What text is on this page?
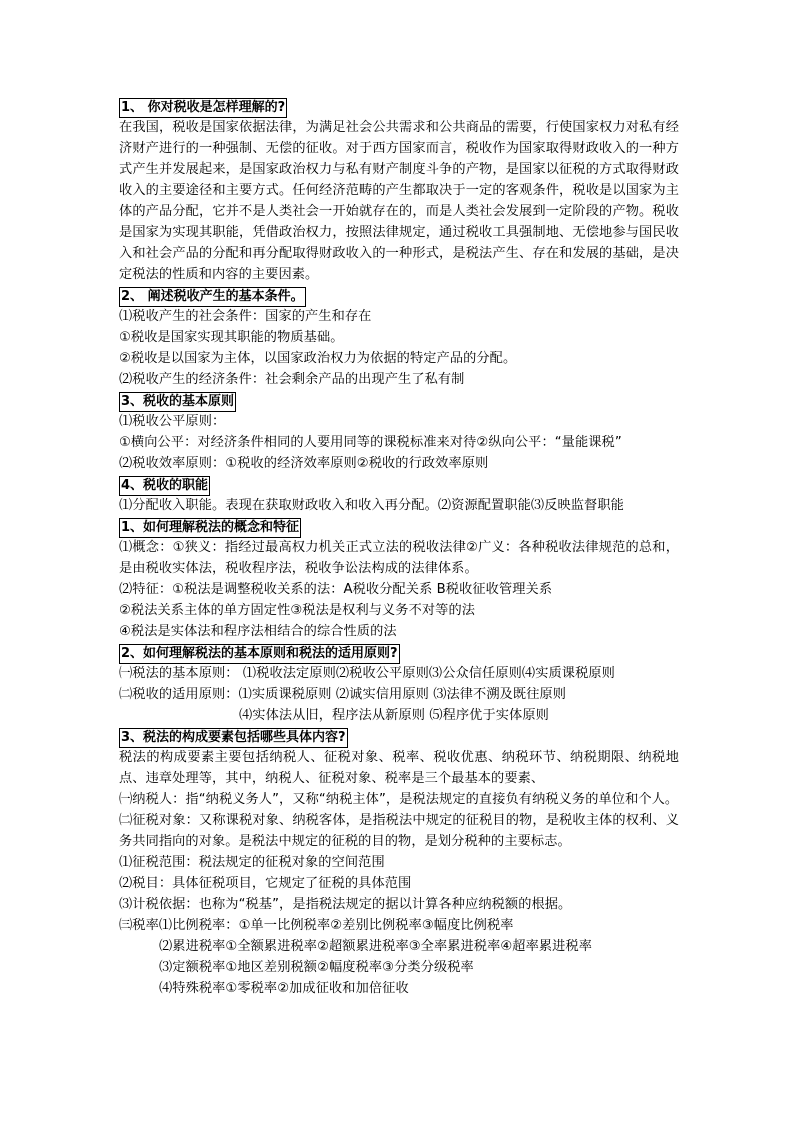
1、 你对税收是怎样理解的?
在我国，税收是国家依据法律，为满足社会公共需求和公共商品的需要，行使国家权力对私有经济财产进行的一种强制、无偿的征收。对于西方国家而言，税收作为国家取得财政收入的一种方式产生并发展起来，是国家政治权力与私有财产制度斗争的产物，是国家以征税的方式取得财政收入的主要途径和主要方式。任何经济范畴的产生都取决于一定的客观条件，税收是以国家为主体的产品分配，它并不是人类社会一开始就存在的，而是人类社会发展到一定阶段的产物。税收是国家为实现其职能，凭借政治权力，按照法律规定，通过税收工具强制地、无偿地参与国民收入和社会产品的分配和再分配取得财政收入的一种形式，是税法产生、存在和发展的基础，是决定税法的性质和内容的主要因素。
2、 阐述税收产生的基本条件。
⑴税收产生的社会条件：国家的产生和存在
①税收是国家实现其职能的物质基础。
②税收是以国家为主体，以国家政治权力为依据的特定产品的分配。
⑵税收产生的经济条件：社会剩余产品的出现产生了私有制
3、税收的基本原则
⑴税收公平原则：
①横向公平：对经济条件相同的人要用同等的课税标准来对待②纵向公平：“量能课税”
⑵税收效率原则：①税收的经济效率原则②税收的行政效率原则
4、税收的职能
⑴分配收入职能。表现在获取财政收入和收入再分配。⑵资源配置职能⑶反映监督职能
1、如何理解税法的概念和特征
⑴概念：①狭义：指经过最高权力机关正式立法的税收法律②广义：各种税收法律规范的总和，是由税收实体法，税收程序法，税收争讼法构成的法律体系。
⑵特征：①税法是调整税收关系的法：A税收分配关系 B税收征收管理关系
②税法关系主体的单方固定性③税法是权利与义务不对等的法
④税法是实体法和程序法相结合的综合性质的法
2、如何理解税法的基本原则和税法的适用原则?
㈠税法的基本原则： ⑴税收法定原则⑵税收公平原则⑶公众信任原则⑷实质课税原则
㈡税收的适用原则：⑴实质课税原则 ⑵诚实信用原则 ⑶法律不溯及既往原则
⑷实体法从旧，程序法从新原则 ⑸程序优于实体原则
3、税法的构成要素包括哪些具体内容?
税法的构成要素主要包括纳税人、征税对象、税率、税收优惠、纳税环节、纳税期限、纳税地点、违章处理等，其中，纳税人、征税对象、税率是三个最基本的要素、
㈠纳税人：指“纳税义务人”，又称“纳税主体”，是税法规定的直接负有纳税义务的单位和个人。
㈡征税对象：又称课税对象、纳税客体，是指税法中规定的征税目的物，是税收主体的权利、义务共同指向的对象。是税法中规定的征税的目的物，是划分税种的主要标志。
⑴征税范围：税法规定的征税对象的空间范围
⑵税目：具体征税项目，它规定了征税的具体范围
⑶计税依据：也称为“税基”，是指税法规定的据以计算各种应纳税额的根据。
㈢税率⑴比例税率：①单一比例税率②差别比例税率③幅度比例税率
⑵累进税率①全额累进税率②超额累进税率③全率累进税率④超率累进税率
⑶定额税率①地区差别税额②幅度税率③分类分级税率
⑷特殊税率①零税率②加成征收和加倍征收
